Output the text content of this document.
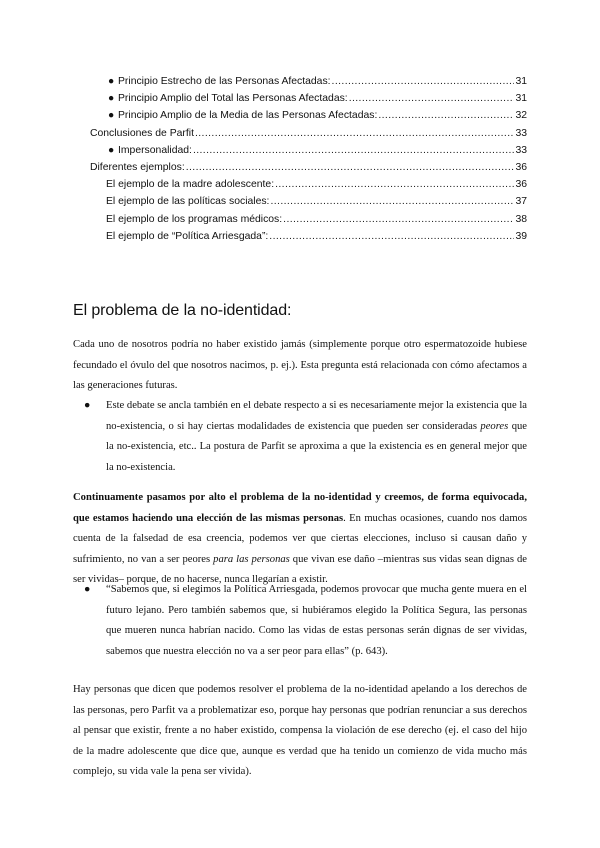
● Principio Estrecho de las Personas Afectadas: .....	31
● Principio Amplio del Total las Personas Afectadas: .....	31
● Principio Amplio de la Media de las Personas Afectadas: .....	32
Conclusiones de Parfit .....	33
● Impersonalidad: .....	33
Diferentes ejemplos: .....	36
El ejemplo de la madre adolescente: .....	36
El ejemplo de las políticas sociales: .....	37
El ejemplo de los programas médicos: .....	38
El ejemplo de “Política Arriesgada”: .....	39
El problema de la no-identidad:

Cada uno de nosotros podría no haber existido jamás (simplemente porque otro espermatozoide hubiese fecundado el óvulo del que nosotros nacimos, p. ej.). Esta pregunta está relacionada con cómo afectamos a las generaciones futuras.

● Este debate se ancla también en el debate respecto a si es necesariamente mejor la existencia que la no-existencia, o si hay ciertas modalidades de existencia que pueden ser consideradas peores que la no-existencia, etc.. La postura de Parfit se aproxima a que la existencia es en general mejor que la no-existencia.

Continuamente pasamos por alto el problema de la no-identidad y creemos, de forma equivocada, que estamos haciendo una elección de las mismas personas. En muchas ocasiones, cuando nos damos cuenta de la falsedad de esa creencia, podemos ver que ciertas elecciones, incluso si causan daño y sufrimiento, no van a ser peores para las personas que vivan ese daño –mientras sus vidas sean dignas de ser vividas– porque, de no hacerse, nunca llegarían a existir.

● “Sabemos que, si elegimos la Política Arriesgada, podemos provocar que mucha gente muera en el futuro lejano. Pero también sabemos que, si hubiéramos elegido la Política Segura, las personas que mueren nunca habrían nacido. Como las vidas de estas personas serán dignas de ser vividas, sabemos que nuestra elección no va a ser peor para ellas” (p. 643).

Hay personas que dicen que podemos resolver el problema de la no-identidad apelando a los derechos de las personas, pero Parfit va a problematizar eso, porque hay personas que podrían renunciar a sus derechos al pensar que existir, frente a no haber existido, compensa la violación de ese derecho (ej. el caso del hijo de la madre adolescente que dice que, aunque es verdad que ha tenido un comienzo de vida mucho más complejo, su vida vale la pena ser vivida).
